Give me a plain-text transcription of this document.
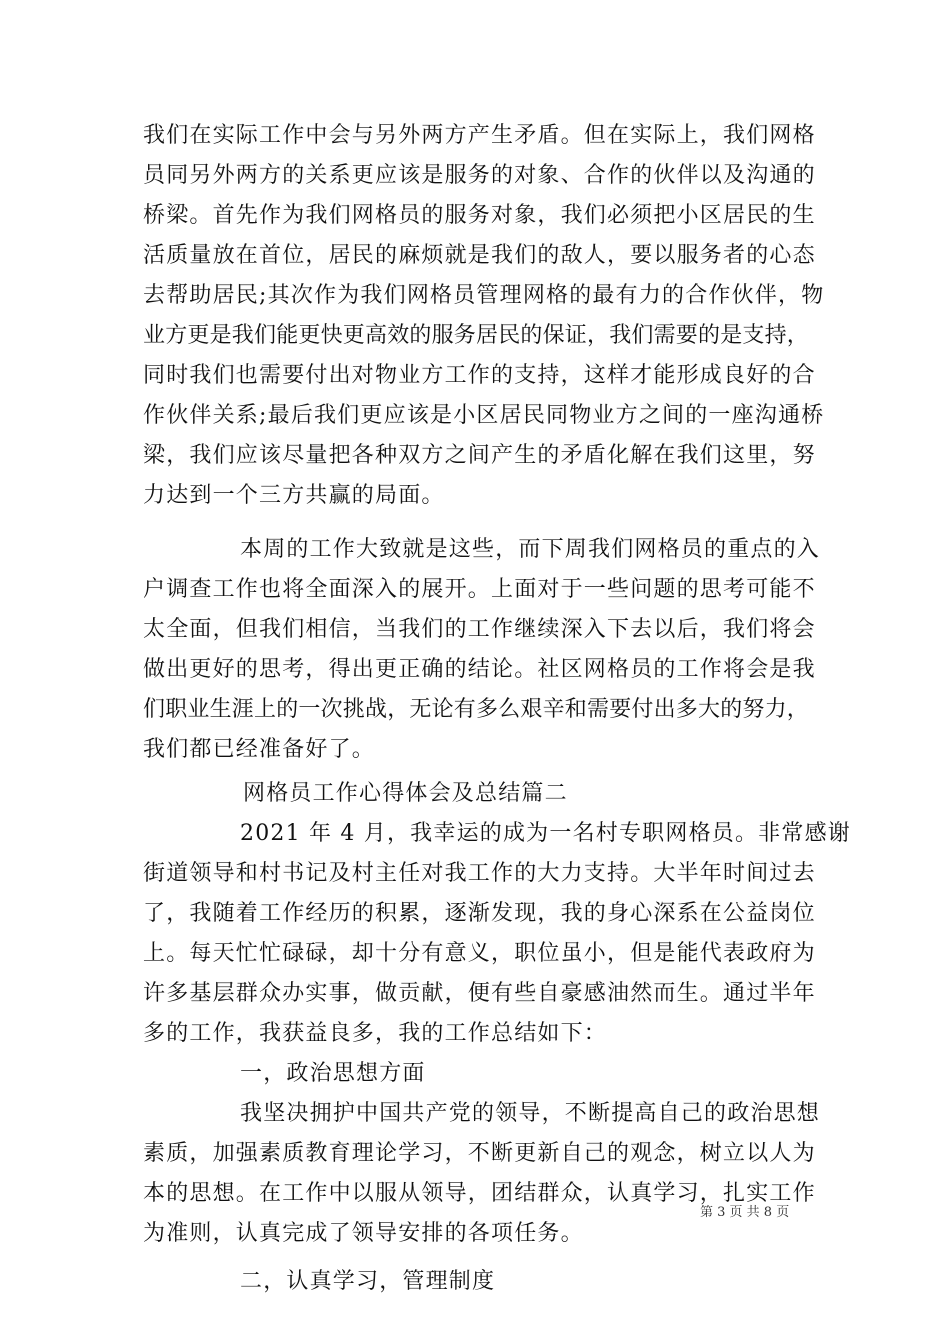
我们在实际工作中会与另外两方产生矛盾。但在实际上，我们网格
员同另外两方的关系更应该是服务的对象、合作的伙伴以及沟通的
桥梁。首先作为我们网格员的服务对象，我们必须把小区居民的生
活质量放在首位，居民的麻烦就是我们的敌人，要以服务者的心态
去帮助居民;其次作为我们网格员管理网格的最有力的合作伙伴，物
业方更是我们能更快更高效的服务居民的保证，我们需要的是支持，
同时我们也需要付出对物业方工作的支持，这样才能形成良好的合
作伙伴关系;最后我们更应该是小区居民同物业方之间的一座沟通桥
梁，我们应该尽量把各种双方之间产生的矛盾化解在我们这里，努
力达到一个三方共赢的局面。
本周的工作大致就是这些，而下周我们网格员的重点的入
户调查工作也将全面深入的展开。上面对于一些问题的思考可能不
太全面，但我们相信，当我们的工作继续深入下去以后，我们将会
做出更好的思考，得出更正确的结论。社区网格员的工作将会是我
们职业生涯上的一次挑战，无论有多么艰辛和需要付出多大的努力，
我们都已经准备好了。
网格员工作心得体会及总结篇二
2021 年 4 月，我幸运的成为一名村专职网格员。非常感谢
街道领导和村书记及村主任对我工作的大力支持。大半年时间过去
了，我随着工作经历的积累，逐渐发现，我的身心深系在公益岗位
上。每天忙忙碌碌，却十分有意义，职位虽小，但是能代表政府为
许多基层群众办实事，做贡献，便有些自豪感油然而生。通过半年
多的工作，我获益良多，我的工作总结如下：
一，政治思想方面
我坚决拥护中国共产党的领导，不断提高自己的政治思想
素质，加强素质教育理论学习，不断更新自己的观念，树立以人为
本的思想。在工作中以服从领导，团结群众，认真学习，扎实工作
为准则，认真完成了领导安排的各项任务。
二，认真学习，管理制度
第 3 页 共 8 页
